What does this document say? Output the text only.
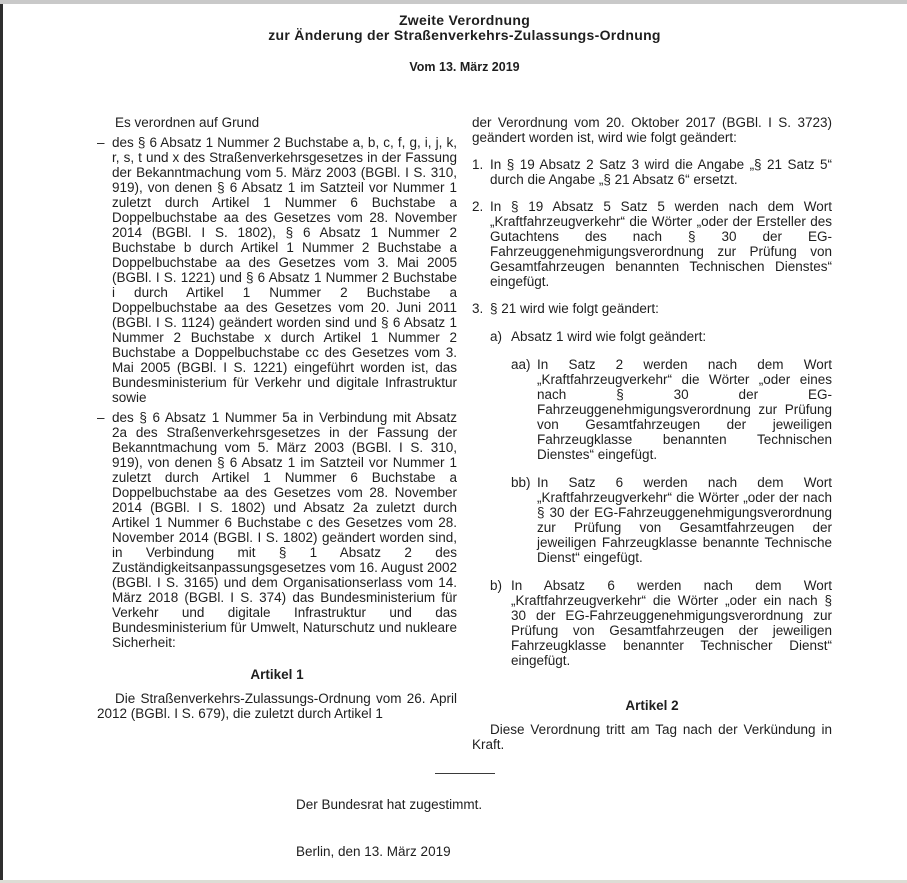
Zweite Verordnung
zur Änderung der Straßenverkehrs-Zulassungs-Ordnung
Vom 13. März 2019

Es verordnen auf Grund

– des § 6 Absatz 1 Nummer 2 Buchstabe a, b, c, f, g, i, j, k, r, s, t und x des Straßenverkehrsgesetzes in der Fassung der Bekanntmachung vom 5. März 2003 (BGBl. I S. 310, 919), von denen § 6 Absatz 1 im Satzteil vor Nummer 1 zuletzt durch Artikel 1 Nummer 6 Buchstabe a Doppelbuchstabe aa des Gesetzes vom 28. November 2014 (BGBl. I S. 1802), § 6 Absatz 1 Nummer 2 Buchstabe b durch Artikel 1 Nummer 2 Buchstabe a Doppelbuchstabe aa des Gesetzes vom 3. Mai 2005 (BGBl. I S. 1221) und § 6 Absatz 1 Nummer 2 Buchstabe i durch Artikel 1 Nummer 2 Buchstabe a Doppelbuchstabe aa des Gesetzes vom 20. Juni 2011 (BGBl. I S. 1124) geändert worden sind und § 6 Absatz 1 Nummer 2 Buchstabe x durch Artikel 1 Nummer 2 Buchstabe a Doppelbuchstabe cc des Gesetzes vom 3. Mai 2005 (BGBl. I S. 1221) eingeführt worden ist, das Bundesministerium für Verkehr und digitale Infrastruktur sowie
– des § 6 Absatz 1 Nummer 5a in Verbindung mit Absatz 2a des Straßenverkehrsgesetzes in der Fassung der Bekanntmachung vom 5. März 2003 (BGBl. I S. 310, 919), von denen § 6 Absatz 1 im Satzteil vor Nummer 1 zuletzt durch Artikel 1 Nummer 6 Buchstabe a Doppelbuchstabe aa des Gesetzes vom 28. November 2014 (BGBl. I S. 1802) und Absatz 2a zuletzt durch Artikel 1 Nummer 6 Buchstabe c des Gesetzes vom 28. November 2014 (BGBl. I S. 1802) geändert worden sind, in Verbindung mit § 1 Absatz 2 des Zuständigkeitsanpassungsgesetzes vom 16. August 2002 (BGBl. I S. 3165) und dem Organisationserlass vom 14. März 2018 (BGBl. I S. 374) das Bundesministerium für Verkehr und digitale Infrastruktur und das Bundesministerium für Umwelt, Naturschutz und nukleare Sicherheit:
Artikel 1

Die Straßenverkehrs-Zulassungs-Ordnung vom 26. April 2012 (BGBl. I S. 679), die zuletzt durch Artikel 1

der Verordnung vom 20. Oktober 2017 (BGBl. I S. 3723) geändert worden ist, wird wie folgt geändert:

1. In § 19 Absatz 2 Satz 3 wird die Angabe „§ 21 Satz 5“ durch die Angabe „§ 21 Absatz 6“ ersetzt.
2. In § 19 Absatz 5 Satz 5 werden nach dem Wort „Kraftfahrzeugverkehr“ die Wörter „oder der Ersteller des Gutachtens des nach § 30 der EG-Fahrzeuggenehmigungsverordnung zur Prüfung von Gesamtfahrzeugen benannten Technischen Dienstes“ eingefügt.
3. § 21 wird wie folgt geändert:
a) Absatz 1 wird wie folgt geändert:
aa) In Satz 2 werden nach dem Wort „Kraftfahrzeugverkehr“ die Wörter „oder eines nach § 30 der EG-Fahrzeuggenehmigungsverordnung zur Prüfung von Gesamtfahrzeugen der jeweiligen Fahrzeugklasse benannten Technischen Dienstes“ eingefügt.
bb) In Satz 6 werden nach dem Wort „Kraftfahrzeugverkehr“ die Wörter „oder der nach § 30 der EG-Fahrzeuggenehmigungsverordnung zur Prüfung von Gesamtfahrzeugen der jeweiligen Fahrzeugklasse benannte Technische Dienst“ eingefügt.
b) In Absatz 6 werden nach dem Wort „Kraftfahrzeugverkehr“ die Wörter „oder ein nach § 30 der EG-Fahrzeuggenehmigungsverordnung zur Prüfung von Gesamtfahrzeugen der jeweiligen Fahrzeugklasse benannter Technischer Dienst“ eingefügt.
Artikel 2

Diese Verordnung tritt am Tag nach der Verkündung in Kraft.

Der Bundesrat hat zugestimmt.
Berlin, den 13. März 2019
